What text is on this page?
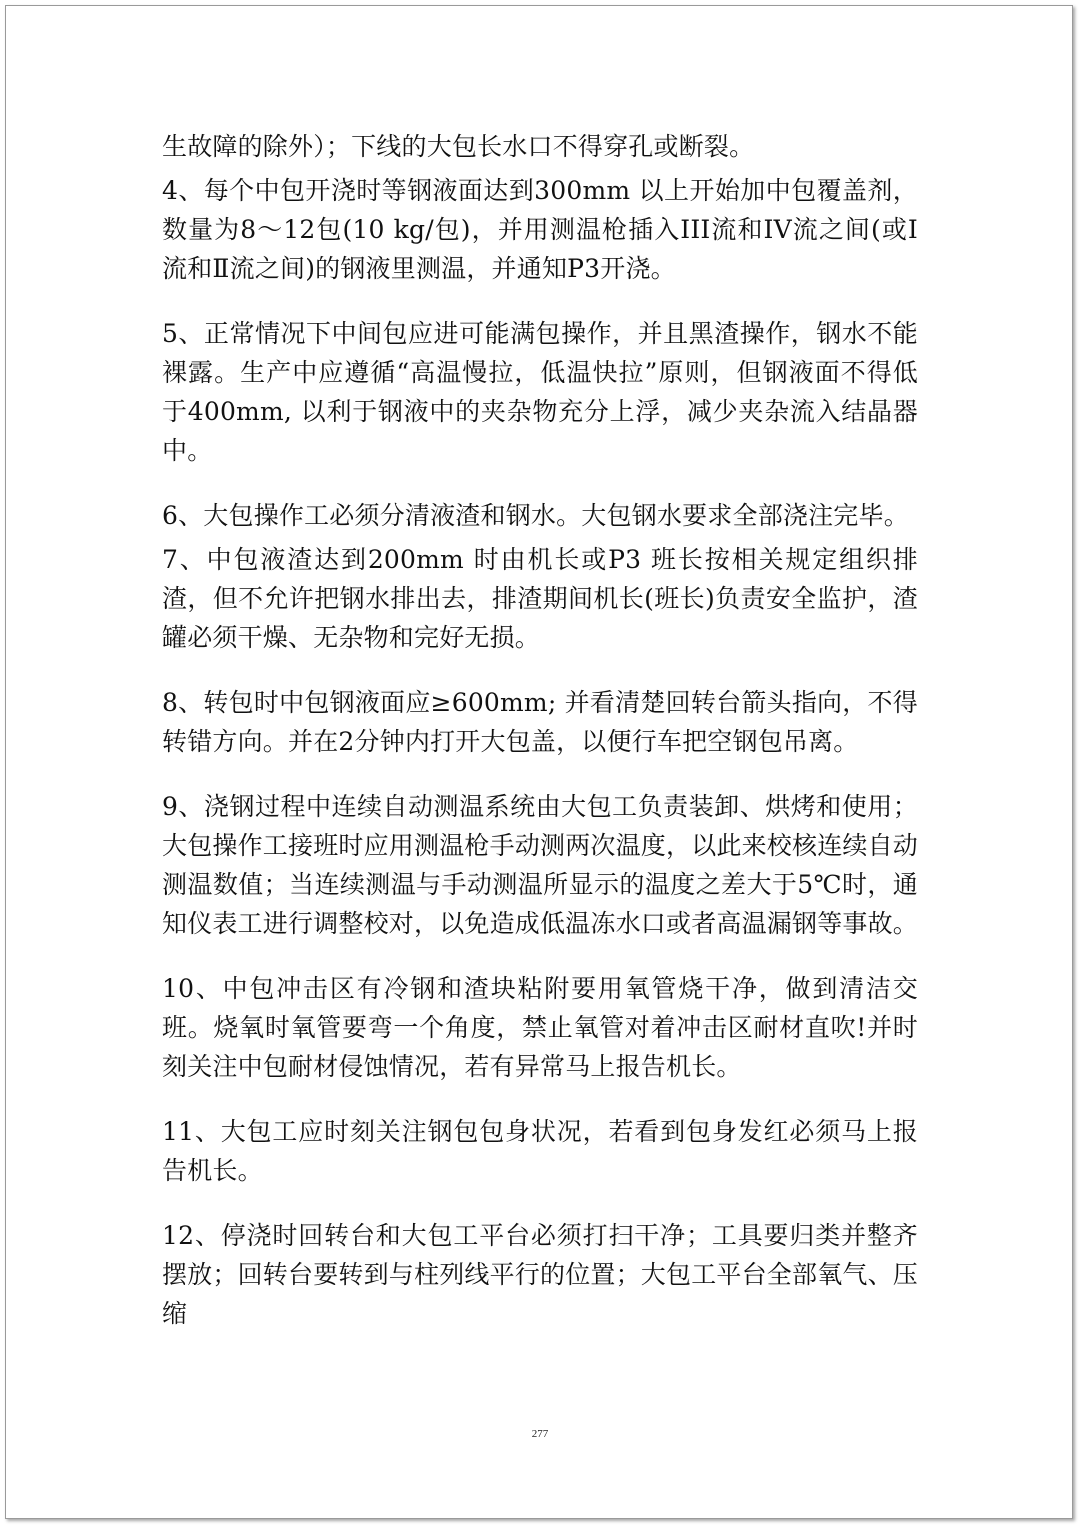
生故障的除外）；下线的大包长水口不得穿孔或断裂。

4、每个中包开浇时等钢液面达到300mm 以上开始加中包覆盖剂，数量为8～12包(10 kg/包)，并用测温枪插入III流和IV流之间(或I 流和Ⅱ流之间)的钢液里测温，并通知P3开浇。

5、正常情况下中间包应进可能满包操作，并且黑渣操作，钢水不能裸露。生产中应遵循“高温慢拉，低温快拉”原则，但钢液面不得低于400mm, 以利于钢液中的夹杂物充分上浮，减少夹杂流入结晶器中。

6、大包操作工必须分清液渣和钢水。大包钢水要求全部浇注完毕。

7、中包液渣达到200mm 时由机长或P3 班长按相关规定组织排渣，但不允许把钢水排出去，排渣期间机长(班长)负责安全监护，渣罐必须干燥、无杂物和完好无损。

8、转包时中包钢液面应≥600mm; 并看清楚回转台箭头指向，不得转错方向。并在2分钟内打开大包盖，以便行车把空钢包吊离。

9、浇钢过程中连续自动测温系统由大包工负责装卸、烘烤和使用；大包操作工接班时应用测温枪手动测两次温度，以此来校核连续自动测温数值；当连续测温与手动测温所显示的温度之差大于5℃时，通知仪表工进行调整校对，以免造成低温冻水口或者高温漏钢等事故。

10、中包冲击区有冷钢和渣块粘附要用氧管烧干净，做到清洁交班。烧氧时氧管要弯一个角度，禁止氧管对着冲击区耐材直吹!并时刻关注中包耐材侵蚀情况，若有异常马上报告机长。

11、大包工应时刻关注钢包包身状况，若看到包身发红必须马上报告机长。

12、停浇时回转台和大包工平台必须打扫干净；工具要归类并整齐摆放；回转台要转到与柱列线平行的位置；大包工平台全部氧气、压缩

277
